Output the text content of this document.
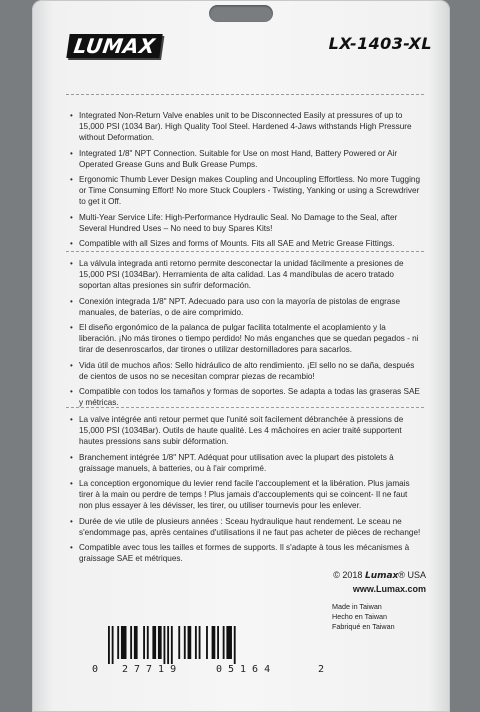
LUMAX	LX-1403-XL
• Integrated Non-Return Valve enables unit to be Disconnected Easily at pressures of up to 15,000 PSI (1034 Bar). High Quality Tool Steel. Hardened 4-Jaws withstands High Pressure without Deformation.
• Integrated 1/8" NPT Connection. Suitable for Use on most Hand, Battery Powered or Air Operated Grease Guns and Bulk Grease Pumps.
• Ergonomic Thumb Lever Design makes Coupling and Uncoupling Effortless. No more Tugging or Time Consuming Effort! No more Stuck Couplers - Twisting, Yanking or using a Screwdriver to get it Off.
• Multi-Year Service Life: High-Performance Hydraulic Seal. No Damage to the Seal, after Several Hundred Uses – No need to buy Spares Kits!
• Compatible with all Sizes and forms of Mounts. Fits all SAE and Metric Grease Fittings.
• La válvula integrada anti retorno permite desconectar la unidad fácilmente a presiones de 15,000 PSI (1034Bar). Herramienta de alta calidad. Las 4 mandíbulas de acero tratado soportan altas presiones sin sufrir deformación.
• Conexión integrada 1/8" NPT. Adecuado para uso con la mayoría de pistolas de engrase manuales, de baterías, o de aire comprimido.
• El diseño ergonómico de la palanca de pulgar facilita totalmente el acoplamiento y la liberación. ¡No más tirones o tiempo perdido! No más enganches que se quedan pegados - ni tirar de desenroscarlos, dar tirones o utilizar destornilladores para sacarlos.
• Vida útil de muchos años: Sello hidráulico de alto rendimiento. ¡El sello no se daña, después de cientos de usos no se necesitan comprar piezas de recambio!
• Compatible con todos los tamaños y formas de soportes. Se adapta a todas las graseras SAE y métricas.
• La valve intégrée anti retour permet que l'unité soit facilement débranchée à pressions de 15,000 PSI (1034Bar). Outils de haute qualité. Les 4 mâchoires en acier traité supportent hautes pressions sans subir déformation.
• Branchement intégrée 1/8" NPT. Adéquat pour utilisation avec la plupart des pistolets à graissage manuels, à batteries, ou à l'air comprimé.
• La conception ergonomique du levier rend facile l'accouplement et la libération. Plus jamais tirer à la main ou perdre de temps ! Plus jamais d'accouplements qui se coincent- Il ne faut non plus essayer à les dévisser, les tirer, ou utiliser tournevis pour les enlever.
• Durée de vie utile de plusieurs années : Sceau hydraulique haut rendement. Le sceau ne s'endommage pas, après centaines d'utilisations il ne faut pas acheter de pièces de rechange!
• Compatible avec tous les tailles et formes de supports. Il s'adapte à tous les mécanismes à graissage SAE et métriques.
© 2018 Lumax® USA
www.Lumax.com
Made in Taiwan
Hecho en Taiwan
Fabriqué en Taiwan
0 27719	05164	2
